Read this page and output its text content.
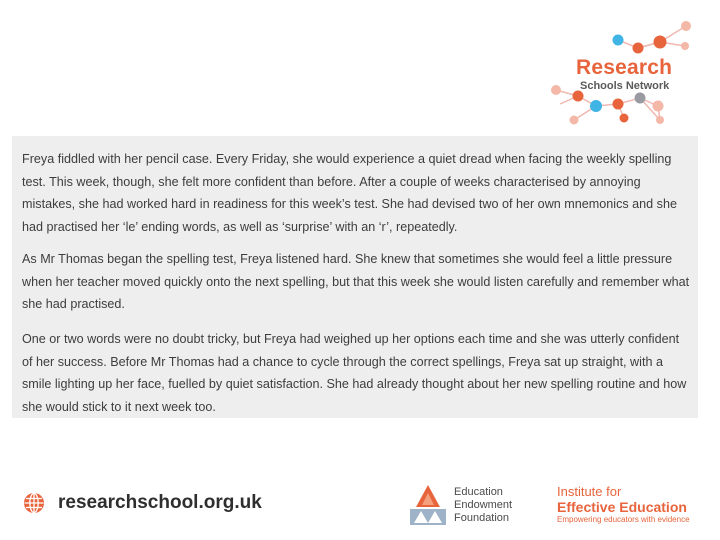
Research
Schools Network

Freya fiddled with her pencil case. Every Friday, she would experience a quiet dread when facing the weekly spelling test. This week, though, she felt more confident than before. After a couple of weeks characterised by annoying mistakes, she had worked hard in readiness for this week’s test. She had devised two of her own mnemonics and she had practised her ‘le’ ending words, as well as ‘surprise’ with an ‘r’, repeatedly.

As Mr Thomas began the spelling test, Freya listened hard. She knew that sometimes she would feel a little pressure when her teacher moved quickly onto the next spelling, but that this week she would listen carefully and remember what she had practised.

One or two words were no doubt tricky, but Freya had weighed up her options each time and she was utterly confident of her success. Before Mr Thomas had a chance to cycle through the correct spellings, Freya sat up straight, with a smile lighting up her face, fuelled by quiet satisfaction. She had already thought about her new spelling routine and how she would stick to it next week too.

researchschool.org.uk	Education
Endowment
Foundation
Institute for
Effective Education
Empowering educators with evidence
